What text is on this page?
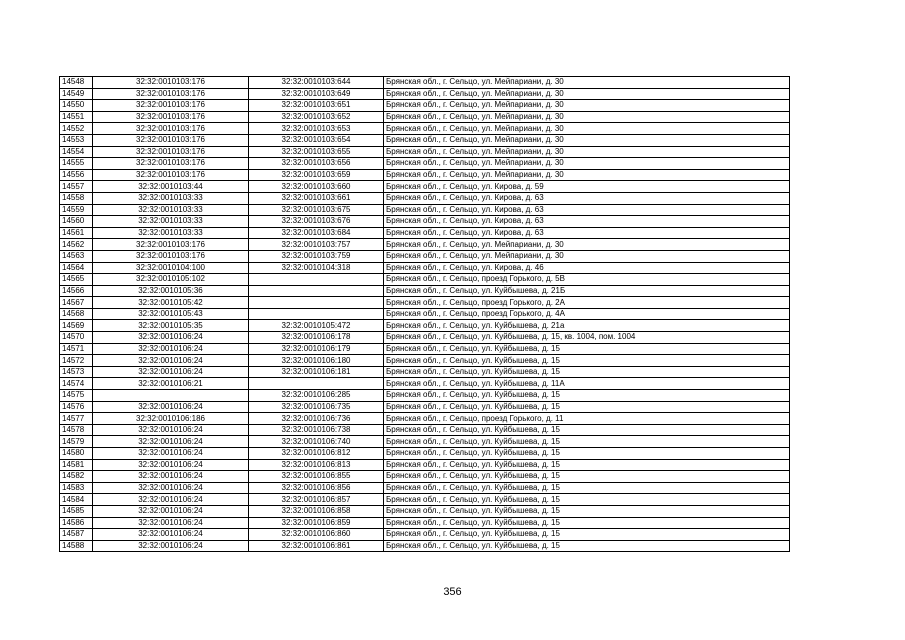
14548	32:32:0010103:176	32:32:0010103:644	Брянская обл., г. Сельцо, ул. Мейпариани, д. 30
14549	32:32:0010103:176	32:32:0010103:649	Брянская обл., г. Сельцо, ул. Мейпариани, д. 30
14550	32:32:0010103:176	32:32:0010103:651	Брянская обл., г. Сельцо, ул. Мейпариани, д. 30
14551	32:32:0010103:176	32:32:0010103:652	Брянская обл., г. Сельцо, ул. Мейпариани, д. 30
14552	32:32:0010103:176	32:32:0010103:653	Брянская обл., г. Сельцо, ул. Мейпариани, д. 30
14553	32:32:0010103:176	32:32:0010103:654	Брянская обл., г. Сельцо, ул. Мейпариани, д. 30
14554	32:32:0010103:176	32:32:0010103:655	Брянская обл., г. Сельцо, ул. Мейпариани, д. 30
14555	32:32:0010103:176	32:32:0010103:656	Брянская обл., г. Сельцо, ул. Мейпариани, д. 30
14556	32:32:0010103:176	32:32:0010103:659	Брянская обл., г. Сельцо, ул. Мейпариани, д. 30
14557	32:32:0010103:44	32:32:0010103:660	Брянская обл., г. Сельцо, ул. Кирова, д. 59
14558	32:32:0010103:33	32:32:0010103:661	Брянская обл., г. Сельцо, ул. Кирова, д. 63
14559	32:32:0010103:33	32:32:0010103:675	Брянская обл., г. Сельцо, ул. Кирова, д. 63
14560	32:32:0010103:33	32:32:0010103:676	Брянская обл., г. Сельцо, ул. Кирова, д. 63
14561	32:32:0010103:33	32:32:0010103:684	Брянская обл., г. Сельцо, ул. Кирова, д. 63
14562	32:32:0010103:176	32:32:0010103:757	Брянская обл., г. Сельцо, ул. Мейпариани, д. 30
14563	32:32:0010103:176	32:32:0010103:759	Брянская обл., г. Сельцо, ул. Мейпариани, д. 30
14564	32:32:0010104:100	32:32:0010104:318	Брянская обл., г. Сельцо, ул. Кирова, д. 46
14565	32:32:0010105:102		Брянская обл., г. Сельцо, проезд Горького, д. 5В
14566	32:32:0010105:36		Брянская обл., г. Сельцо, ул. Куйбышева, д. 21Б
14567	32:32:0010105:42		Брянская обл., г. Сельцо, проезд Горького, д. 2А
14568	32:32:0010105:43		Брянская обл., г. Сельцо, проезд Горького, д. 4А
14569	32:32:0010105:35	32:32:0010105:472	Брянская обл., г. Сельцо, ул. Куйбышева, д. 21а
14570	32:32:0010106:24	32:32:0010106:178	Брянская обл., г. Сельцо, ул. Куйбышева, д. 15, кв. 1004, пом. 1004
14571	32:32:0010106:24	32:32:0010106:179	Брянская обл., г. Сельцо, ул. Куйбышева, д. 15
14572	32:32:0010106:24	32:32:0010106:180	Брянская обл., г. Сельцо, ул. Куйбышева, д. 15
14573	32:32:0010106:24	32:32:0010106:181	Брянская обл., г. Сельцо, ул. Куйбышева, д. 15
14574	32:32:0010106:21		Брянская обл., г. Сельцо, ул. Куйбышева, д. 11А
14575		32:32:0010106:285	Брянская обл., г. Сельцо, ул. Куйбышева, д. 15
14576	32:32:0010106:24	32:32:0010106:735	Брянская обл., г. Сельцо, ул. Куйбышева, д. 15
14577	32:32:0010106:186	32:32:0010106:736	Брянская обл., г. Сельцо, проезд Горького, д. 11
14578	32:32:0010106:24	32:32:0010106:738	Брянская обл., г. Сельцо, ул. Куйбышева, д. 15
14579	32:32:0010106:24	32:32:0010106:740	Брянская обл., г. Сельцо, ул. Куйбышева, д. 15
14580	32:32:0010106:24	32:32:0010106:812	Брянская обл., г. Сельцо, ул. Куйбышева, д. 15
14581	32:32:0010106:24	32:32:0010106:813	Брянская обл., г. Сельцо, ул. Куйбышева, д. 15
14582	32:32:0010106:24	32:32:0010106:855	Брянская обл., г. Сельцо, ул. Куйбышева, д. 15
14583	32:32:0010106:24	32:32:0010106:856	Брянская обл., г. Сельцо, ул. Куйбышева, д. 15
14584	32:32:0010106:24	32:32:0010106:857	Брянская обл., г. Сельцо, ул. Куйбышева, д. 15
14585	32:32:0010106:24	32:32:0010106:858	Брянская обл., г. Сельцо, ул. Куйбышева, д. 15
14586	32:32:0010106:24	32:32:0010106:859	Брянская обл., г. Сельцо, ул. Куйбышева, д. 15
14587	32:32:0010106:24	32:32:0010106:860	Брянская обл., г. Сельцо, ул. Куйбышева, д. 15
14588	32:32:0010106:24	32:32:0010106:861	Брянская обл., г. Сельцо, ул. Куйбышева, д. 15
356
